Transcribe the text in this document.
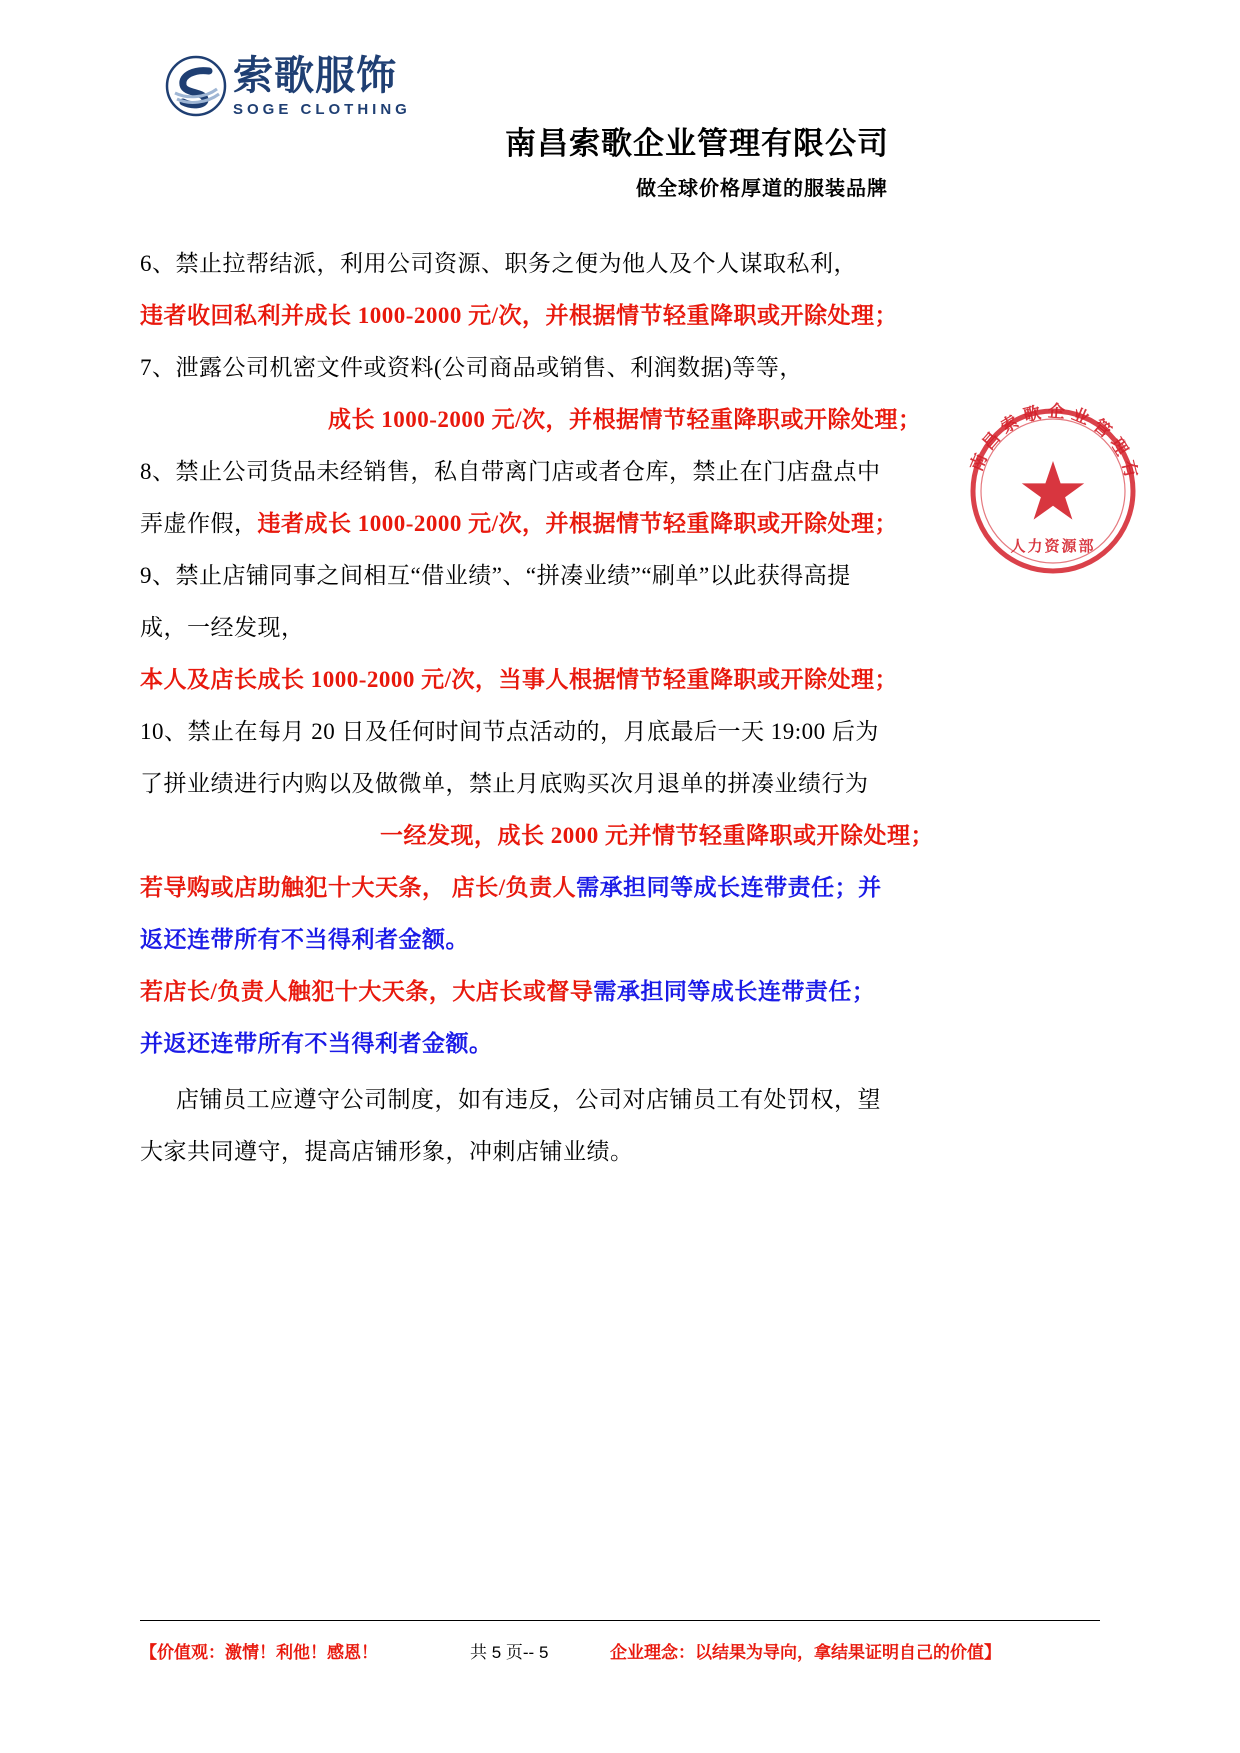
索歌服饰
SOGE CLOTHING
南昌索歌企业管理有限公司
做全球价格厚道的服装品牌
南昌索歌企业管理有
人力资源部
6、禁止拉帮结派，利用公司资源、职务之便为他人及个人谋取私利，
违者收回私利并成长 1000-2000 元/次，并根据情节轻重降职或开除处理；
7、泄露公司机密文件或资料(公司商品或销售、利润数据)等等，
成长 1000-2000 元/次，并根据情节轻重降职或开除处理；
8、禁止公司货品未经销售，私自带离门店或者仓库，禁止在门店盘点中
弄虚作假，违者成长 1000-2000 元/次，并根据情节轻重降职或开除处理；
9、禁止店铺同事之间相互“借业绩”、“拼凑业绩”“刷单”以此获得高提
成，一经发现，
本人及店长成长 1000-2000 元/次，当事人根据情节轻重降职或开除处理；
10、禁止在每月 20 日及任何时间节点活动的，月底最后一天 19:00 后为
了拼业绩进行内购以及做微单，禁止月底购买次月退单的拼凑业绩行为
一经发现，成长 2000 元并情节轻重降职或开除处理；
若导购或店助触犯十大天条， 店长/负责人需承担同等成长连带责任；并
返还连带所有不当得利者金额。
若店长/负责人触犯十大天条，大店长或督导需承担同等成长连带责任；
并返还连带所有不当得利者金额。
店铺员工应遵守公司制度，如有违反，公司对店铺员工有处罚权，望
大家共同遵守，提高店铺形象，冲刺店铺业绩。
【价值观：激情！利他！感恩！	共 5 页-- 5	企业理念：以结果为导向，拿结果证明自己的价值】
